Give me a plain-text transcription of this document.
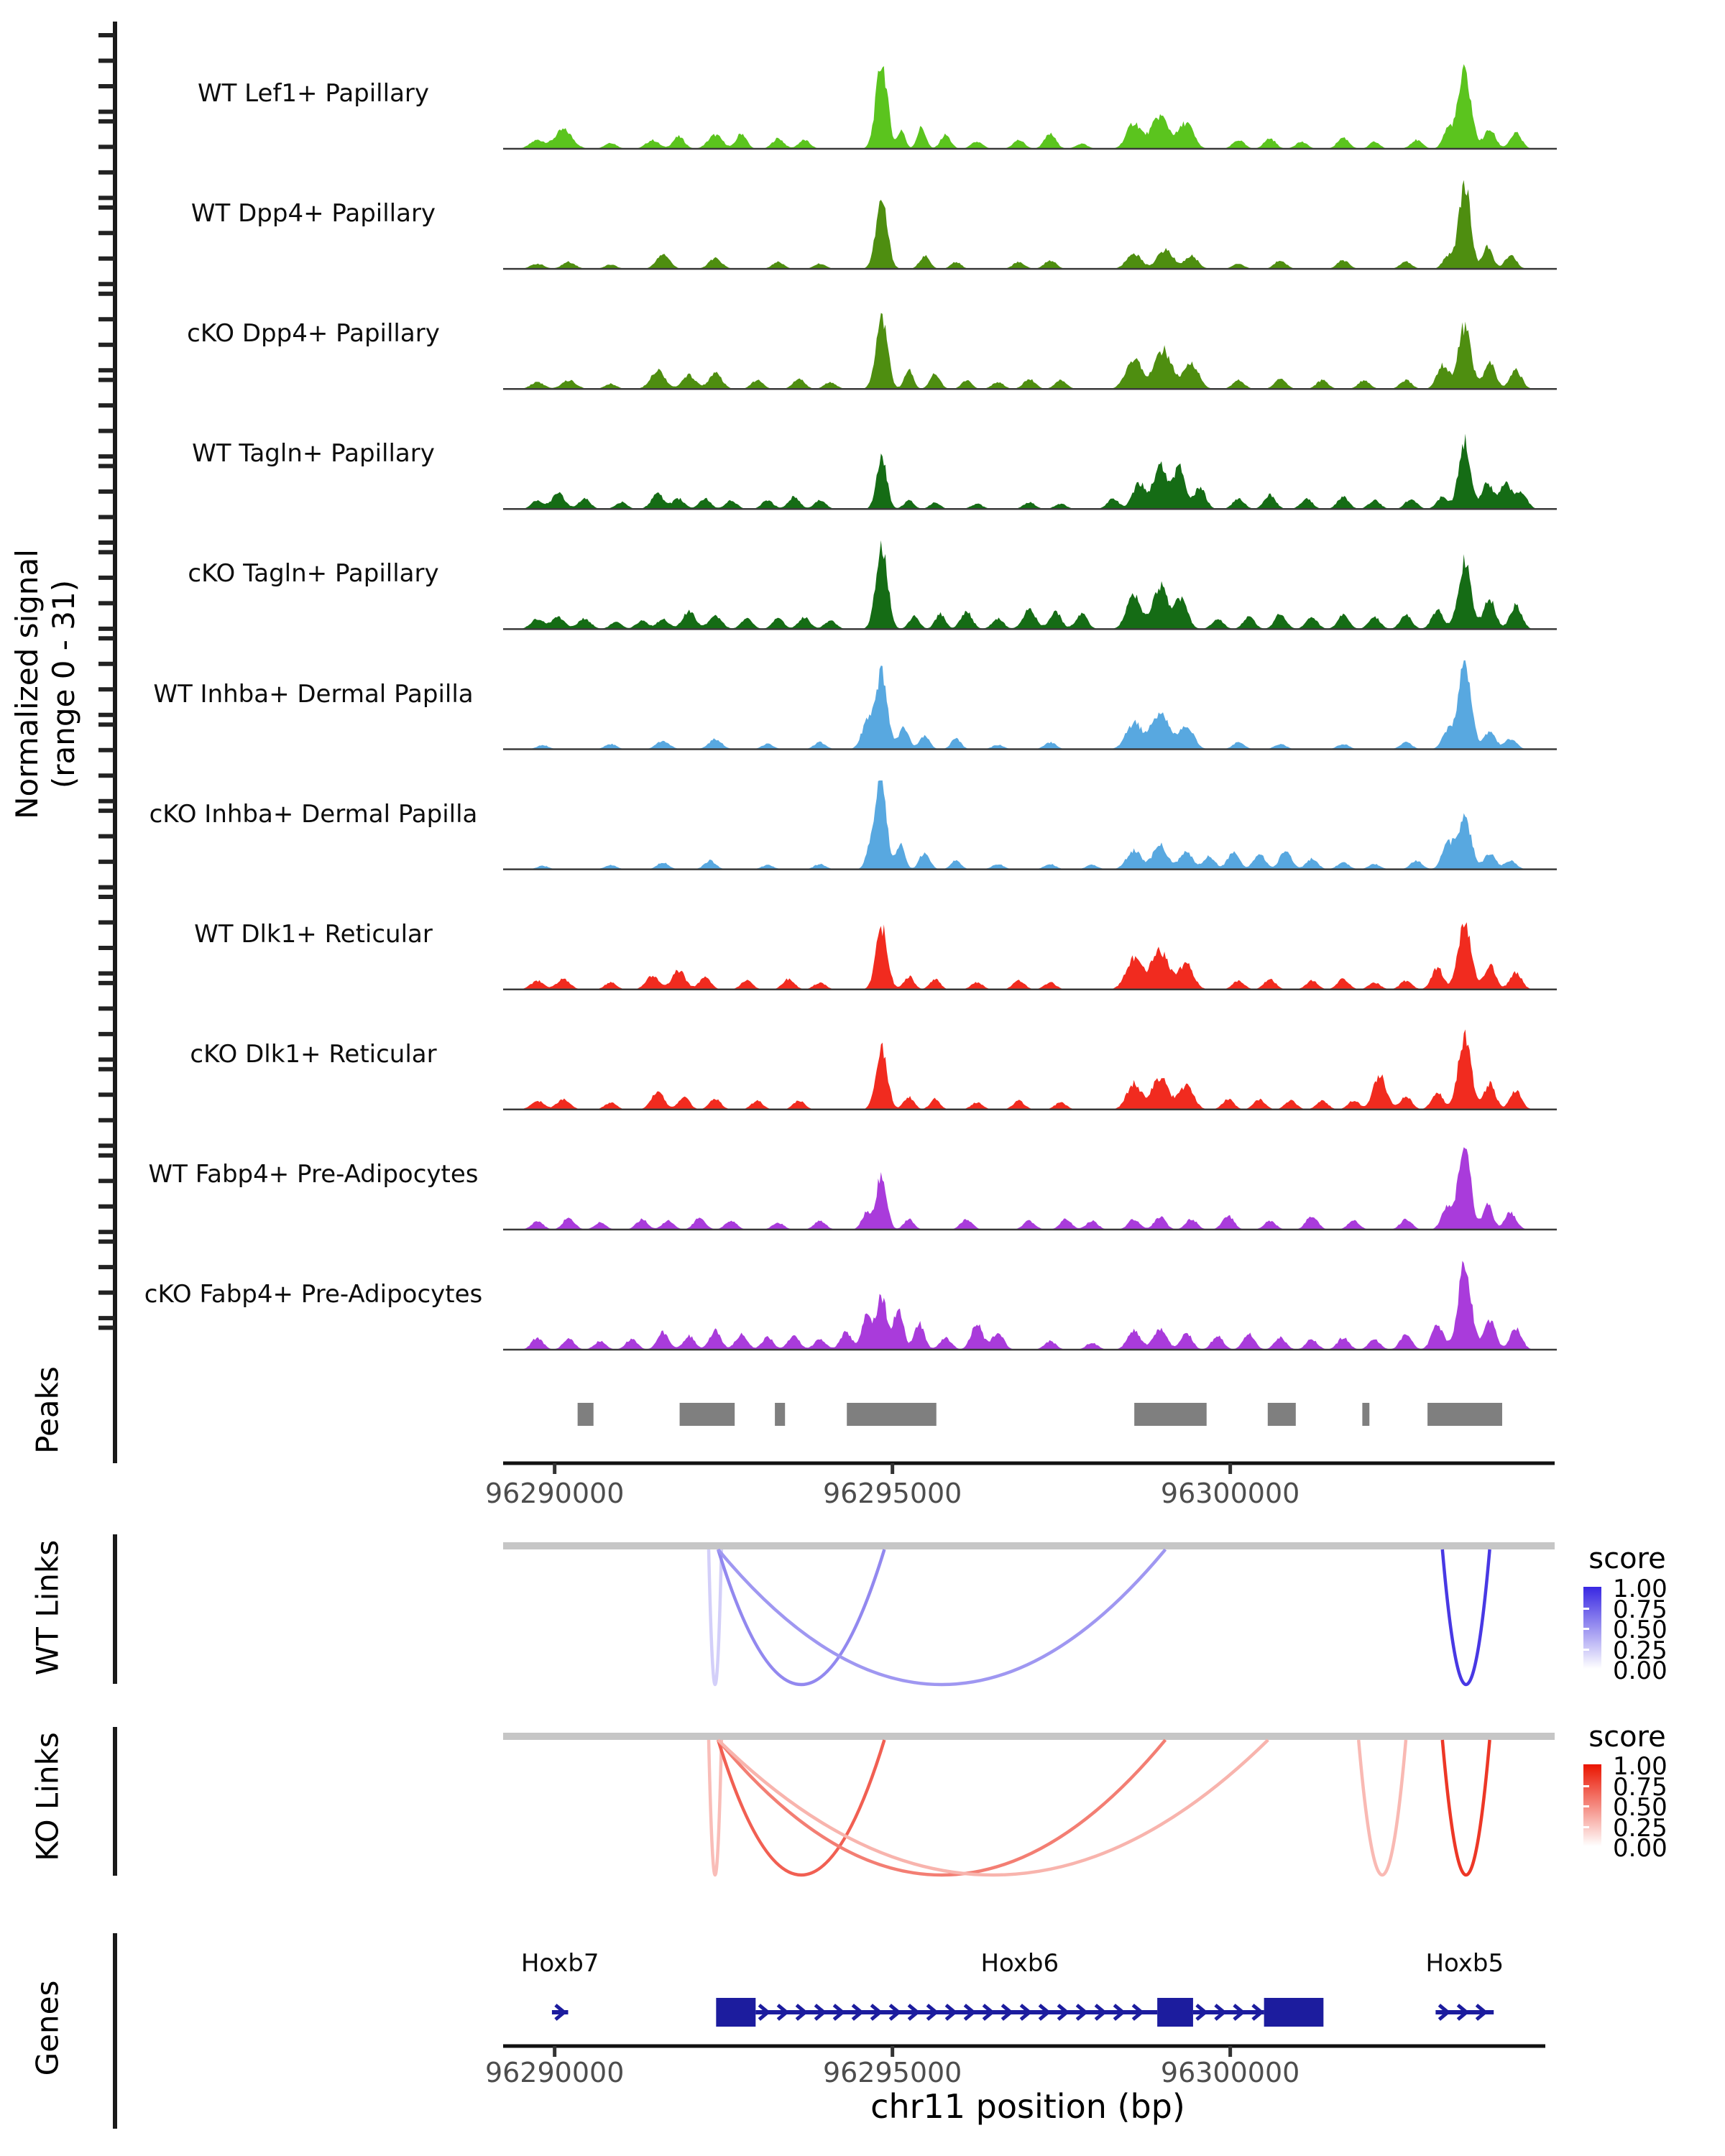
Normalized signal (range 0 - 31)
Peaks
WT Links
KO Links
Genes
WT Lef1+ Papillary
WT Dpp4+ Papillary
cKO Dpp4+ Papillary
WT Tagln+ Papillary
cKO Tagln+ Papillary
WT Inhba+ Dermal Papilla
cKO Inhba+ Dermal Papilla
WT Dlk1+ Reticular
cKO Dlk1+ Reticular
WT Fabp4+ Pre-Adipocytes
cKO Fabp4+ Pre-Adipocytes
96290000	96295000	96300000
96290000	96295000	96300000
Hoxb7	Hoxb6	Hoxb5
chr11 position (bp)
score
1.00
0.75
0.50
0.25
0.00
score
1.00
0.75
0.50
0.25
0.00
